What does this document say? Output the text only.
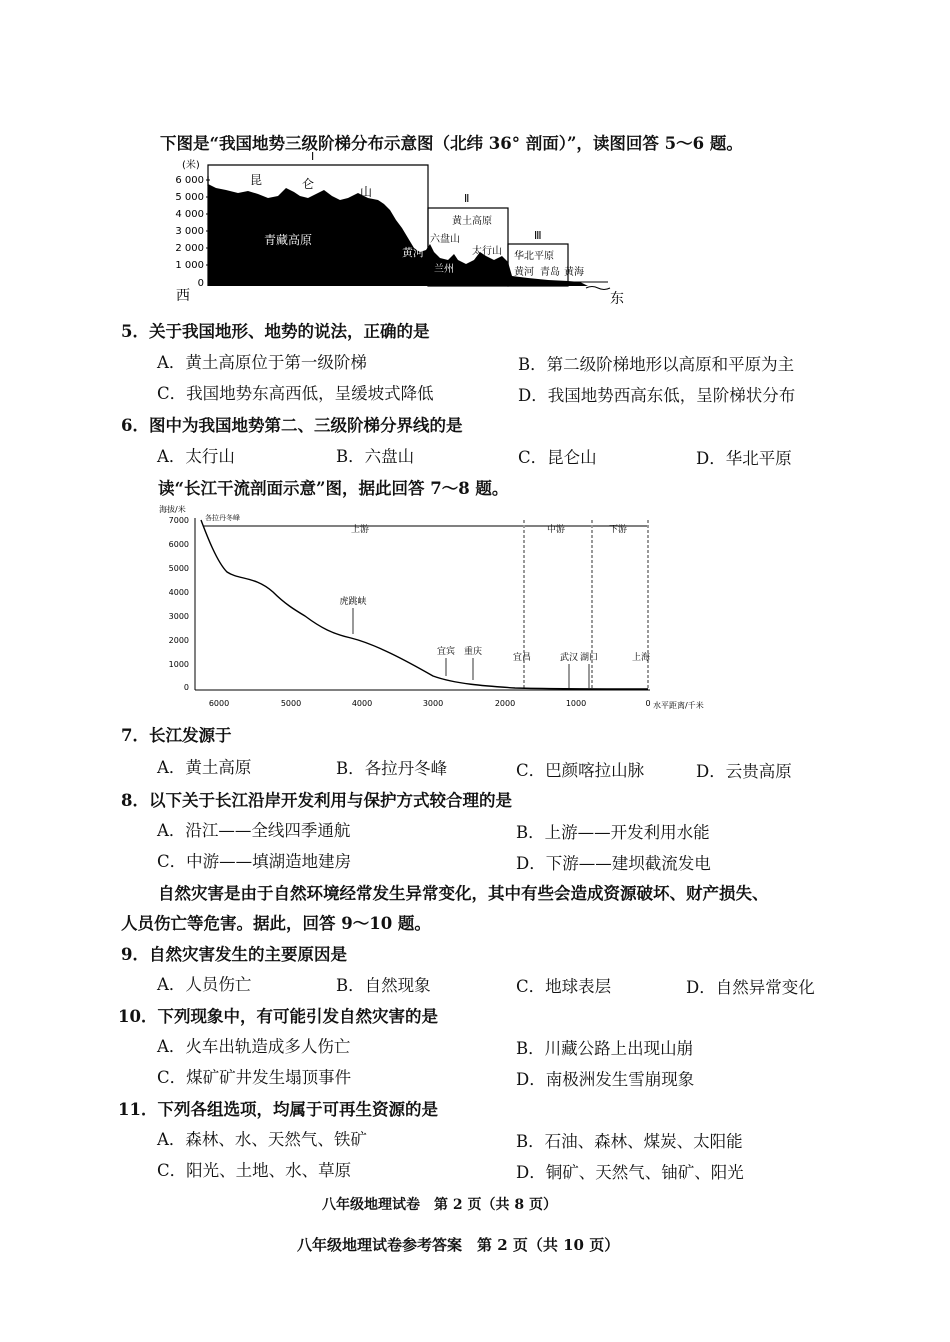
下图是“我国地势三级阶梯分布示意图（北纬 36° 剖面）”，读图回答 5～6 题。
(米)
6 000
5 000
4 000
3 000
2 000
1 000
0
Ⅰ
Ⅱ
Ⅲ
昆	仑
山
青藏高原
黄河
黄土高原
六盘山
太行山
兰州
华北平原
黄河 青岛 黄海
西	东
5．关于我国地形、地势的说法，正确的是
A．黄土高原位于第一级阶梯	B．第二级阶梯地形以高原和平原为主
C．我国地势东高西低，呈缓坡式降低	D．我国地势西高东低，呈阶梯状分布
6．图中为我国地势第二、三级阶梯分界线的是
A．太行山	B．六盘山	C．昆仑山	D．华北平原
读“长江干流剖面示意”图，据此回答 7～8 题。
海拔/米
7000
6000
5000
4000
3000
2000
1000
0
6000	5000	4000	3000	2000	1000	0 水平距离/千米
各拉丹冬峰
上游	中游	下游
虎跳峡
宜宾 重庆
宜昌	武汉 湖口	上海
7．长江发源于
A．黄土高原	B．各拉丹冬峰	C．巴颜喀拉山脉	D．云贵高原
8．以下关于长江沿岸开发利用与保护方式较合理的是
A．沿江——全线四季通航	B．上游——开发利用水能
C．中游——填湖造地建房	D．下游——建坝截流发电
自然灾害是由于自然环境经常发生异常变化，其中有些会造成资源破坏、财产损失、
人员伤亡等危害。据此，回答 9～10 题。
9．自然灾害发生的主要原因是
A．人员伤亡	B．自然现象	C．地球表层	D．自然异常变化
10．下列现象中，有可能引发自然灾害的是
A．火车出轨造成多人伤亡	B．川藏公路上出现山崩
C．煤矿矿井发生塌顶事件	D．南极洲发生雪崩现象
11．下列各组选项，均属于可再生资源的是
A．森林、水、天然气、铁矿	B．石油、森林、煤炭、太阳能
C．阳光、土地、水、草原	D．铜矿、天然气、铀矿、阳光
八年级地理试卷　第 2 页（共 8 页）
八年级地理试卷参考答案　第 2 页（共 10 页）
